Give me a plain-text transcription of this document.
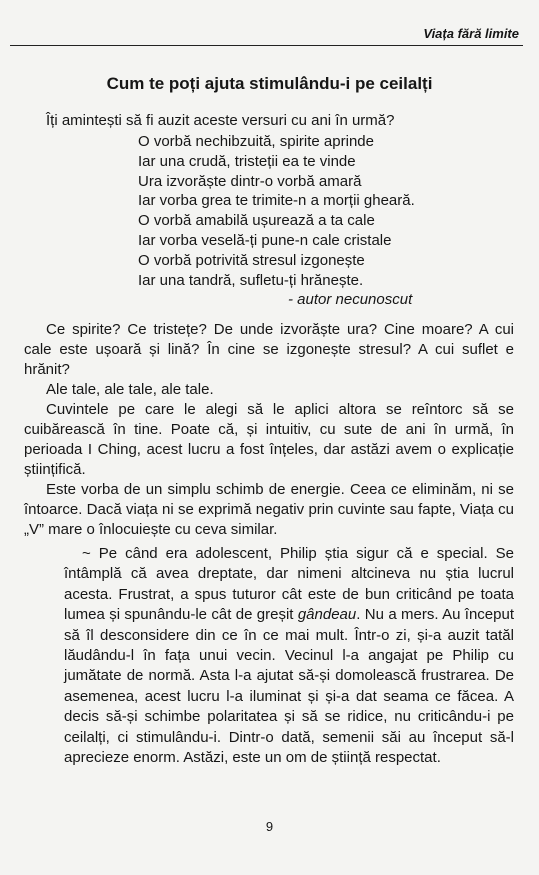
Viața fără limite
Cum te poți ajuta stimulându-i pe ceilalți
Îți amintești să fi auzit aceste versuri cu ani în urmă?
O vorbă nechibzuită, spirite aprinde
Iar una crudă, tristeții ea te vinde
Ura izvorăște dintr-o vorbă amară
Iar vorba grea te trimite-n a morții gheară.
O vorbă amabilă ușurează a ta cale
Iar vorba veselă-ți pune-n cale cristale
O vorbă potrivită stresul izgonește
Iar una tandră, sufletu-ți hrănește.
- autor necunoscut

Ce spirite? Ce tristețe? De unde izvorăște ura? Cine moare? A cui cale este ușoară și lină? În cine se izgonește stresul? A cui suflet e hrănit?

Ale tale, ale tale, ale tale.

Cuvintele pe care le alegi să le aplici altora se reîntorc să se cuibărească în tine. Poate că, și intuitiv, cu sute de ani în urmă, în perioada I Ching, acest lucru a fost înțeles, dar astăzi avem o explicație științifică.

Este vorba de un simplu schimb de energie. Ceea ce eliminăm, ni se întoarce. Dacă viața ni se exprimă negativ prin cuvinte sau fapte, Viața cu „V” mare o înlocuiește cu ceva similar.

~ Pe când era adolescent, Philip știa sigur că e special. Se întâmplă că avea dreptate, dar nimeni altcineva nu știa lucrul acesta. Frustrat, a spus tuturor cât este de bun criticând pe toata lumea și spunându-le cât de greșit gândeau. Nu a mers. Au început să îl desconsidere din ce în ce mai mult. Într-o zi, și-a auzit tatăl lăudându-l în fața unui vecin. Vecinul l-a angajat pe Philip cu jumătate de normă. Asta l-a ajutat să-și domolească frustrarea. De asemenea, acest lucru l-a iluminat și și-a dat seama ce făcea. A decis să-și schimbe polaritatea și să se ridice, nu criticându-i pe ceilalți, ci stimulându-i. Dintr-o dată, semenii săi au început să-l aprecieze enorm. Astăzi, este un om de știință respectat.

9
